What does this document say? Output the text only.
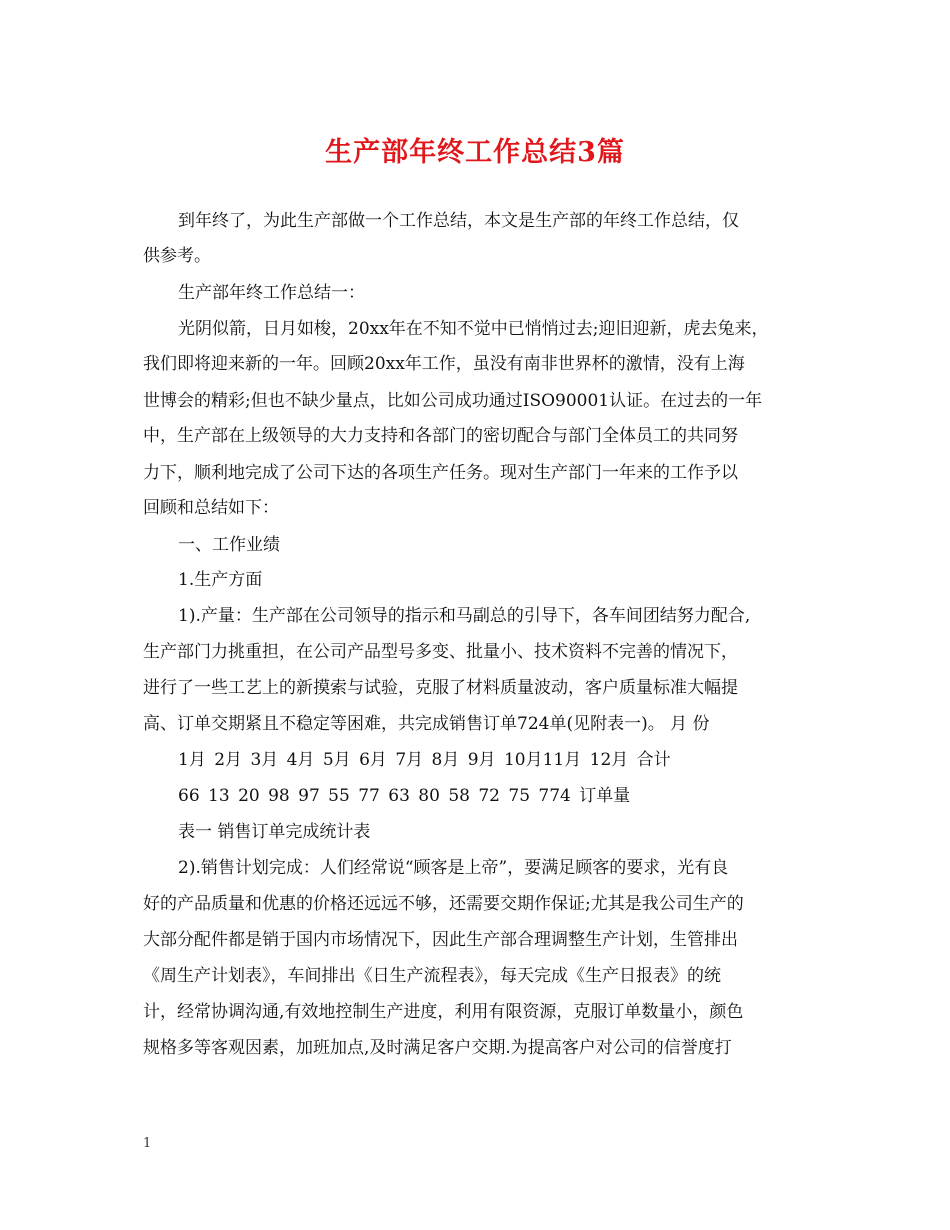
生产部年终工作总结3篇
到年终了，为此生产部做一个工作总结，本文是生产部的年终工作总结，仅
供参考。
生产部年终工作总结一：
光阴似箭，日月如梭，20xx年在不知不觉中已悄悄过去;迎旧迎新，虎去兔来，
我们即将迎来新的一年。回顾20xx年工作，虽没有南非世界杯的激情，没有上海
世博会的精彩;但也不缺少量点，比如公司成功通过ISO90001认证。在过去的一年
中，生产部在上级领导的大力支持和各部门的密切配合与部门全体员工的共同努
力下，顺利地完成了公司下达的各项生产任务。现对生产部门一年来的工作予以
回顾和总结如下：
一、工作业绩
1.生产方面
1).产量：生产部在公司领导的指示和马副总的引导下，各车间团结努力配合,
生产部门力挑重担，在公司产品型号多变、批量小、技术资料不完善的情况下，
进行了一些工艺上的新摸索与试验，克服了材料质量波动，客户质量标准大幅提
高、订单交期紧且不稳定等困难，共完成销售订单724单(见附表一)。 月 份
1月 2月 3月 4月 5月 6月 7月 8月 9月 10月11月 12月 合计
66 13 20 98 97 55 77 63 80 58 72 75 774 订单量
表一 销售订单完成统计表
2).销售计划完成：人们经常说“顾客是上帝”，要满足顾客的要求，光有良
好的产品质量和优惠的价格还远远不够，还需要交期作保证;尤其是我公司生产的
大部分配件都是销于国内市场情况下，因此生产部合理调整生产计划，生管排出
《周生产计划表》，车间排出《日生产流程表》，每天完成《生产日报表》的统
计，经常协调沟通,有效地控制生产进度，利用有限资源，克服订单数量小，颜色
规格多等客观因素，加班加点,及时满足客户交期.为提高客户对公司的信誉度打
1
